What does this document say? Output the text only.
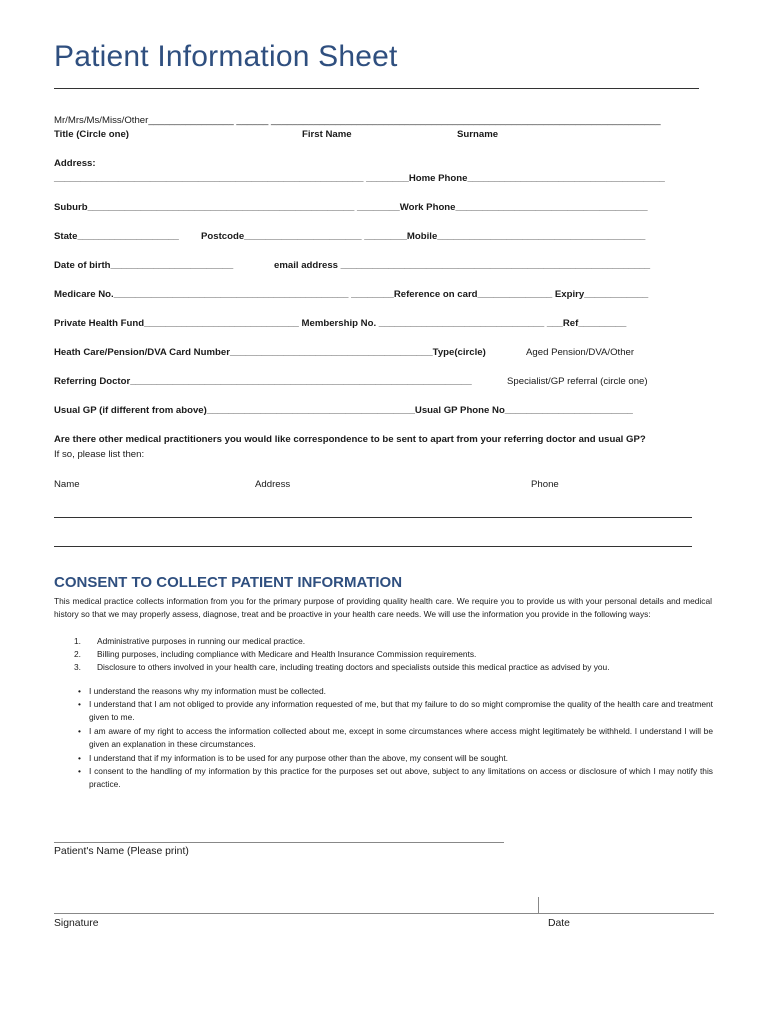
Patient Information Sheet
Mr/Mrs/Ms/Miss/Other________________ ______ _________________________________________________________________________
Title (Circle one)	First Name	Surname
Address:
__________________________________________________________ ________Home Phone_____________________________________
Suburb__________________________________________________ ________Work Phone____________________________________
State___________________ Postcode______________________ ________Mobile_______________________________________
Date of birth_______________________	email address __________________________________________________________
Medicare No.____________________________________________ ________Reference on card______________ Expiry____________
Private Health Fund_____________________________ Membership No. _______________________________ ___Ref_________
Heath Care/Pension/DVA Card Number______________________________________Type(circle)	Aged Pension/DVA/Other
Referring Doctor________________________________________________________________	Specialist/GP referral (circle one)
Usual GP (if different from above)_______________________________________Usual GP Phone No________________________
Are there other medical practitioners you would like correspondence to be sent to apart from your referring doctor and usual GP?
If so, please list then:
Name	Address	Phone
CONSENT TO COLLECT PATIENT INFORMATION
This medical practice collects information from you for the primary purpose of providing quality health care. We require you to provide us with your personal details and medical history so that we may properly assess, diagnose, treat and be proactive in your health care needs. We will use the information you provide in the following ways:
1. Administrative purposes in running our medical practice.
2. Billing purposes, including compliance with Medicare and Health Insurance Commission requirements.
3. Disclosure to others involved in your health care, including treating doctors and specialists outside this medical practice as advised by you.
• I understand the reasons why my information must be collected.
• I understand that I am not obliged to provide any information requested of me, but that my failure to do so might compromise the quality of the health care and treatment given to me.
• I am aware of my right to access the information collected about me, except in some circumstances where access might legitimately be withheld. I understand I will be given an explanation in these circumstances.
• I understand that if my information is to be used for any purpose other than the above, my consent will be sought.
• I consent to the handling of my information by this practice for the purposes set out above, subject to any limitations on access or disclosure of which I may notify this practice.
Patient's Name (Please print)
Signature	Date
